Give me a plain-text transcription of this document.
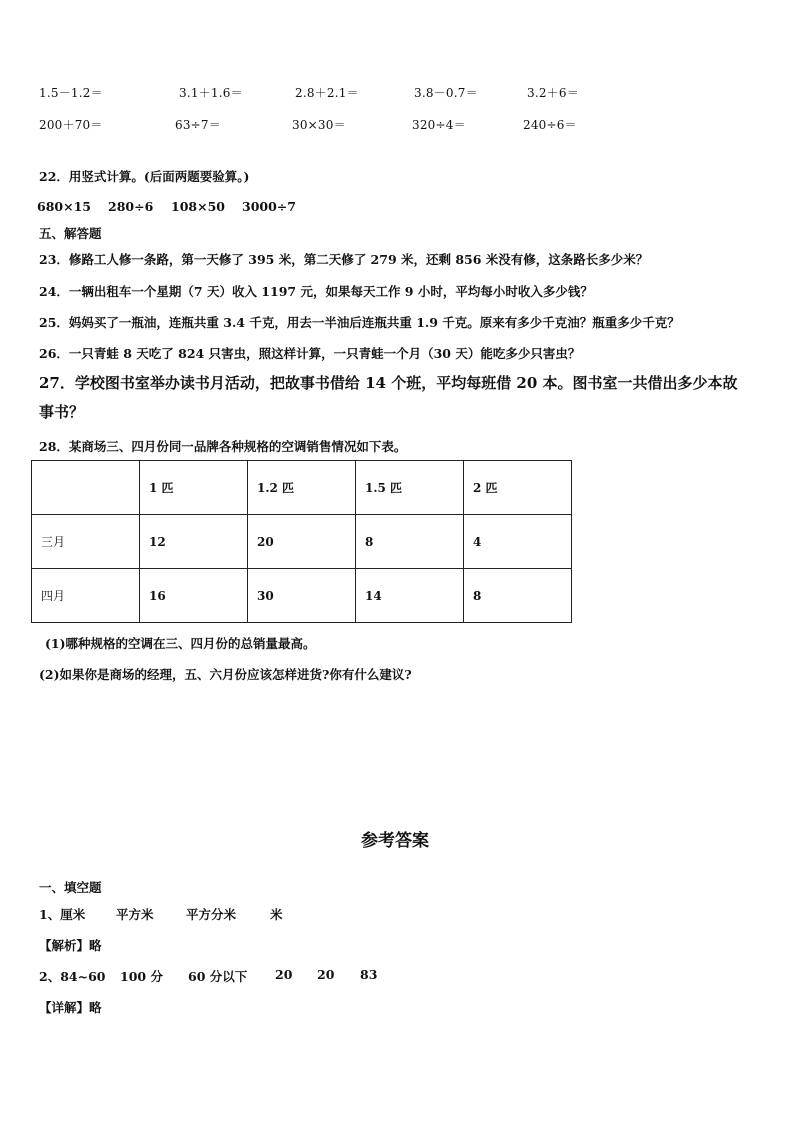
1.5－1.2＝	3.1＋1.6＝	2.8＋2.1＝	3.8－0.7＝	3.2＋6＝
200＋70＝	63÷7＝	30×30＝	320÷4＝	240÷6＝
22．用竖式计算。(后面两题要验算。)
680×15 280÷6 108×50 3000÷7
五、解答题
23．修路工人修一条路，第一天修了 395 米，第二天修了 279 米，还剩 856 米没有修，这条路长多少米？
24．一辆出租车一个星期（7 天）收入 1197 元，如果每天工作 9 小时，平均每小时收入多少钱？
25．妈妈买了一瓶油，连瓶共重 3.4 千克，用去一半油后连瓶共重 1.9 千克。原来有多少千克油？瓶重多少千克？
26．一只青蛙 8 天吃了 824 只害虫，照这样计算，一只青蛙一个月（30 天）能吃多少只害虫？
27．学校图书室举办读书月活动，把故事书借给 14 个班，平均每班借 20 本。图书室一共借出多少本故
事书？
28．某商场三、四月份同一品牌各种规格的空调销售情况如下表。
	1 匹	1.2 匹	1.5 匹	2 匹
三月	12	20	8	4
四月	16	30	14	8
(1)哪种规格的空调在三、四月份的总销量最高。
(2)如果你是商场的经理，五、六月份应该怎样进货?你有什么建议?
参考答案
一、填空题
1、厘米 平方米	平方分米	米
【解析】略
2、84~60 100 分 60 分以下 20 20 83
【详解】略
